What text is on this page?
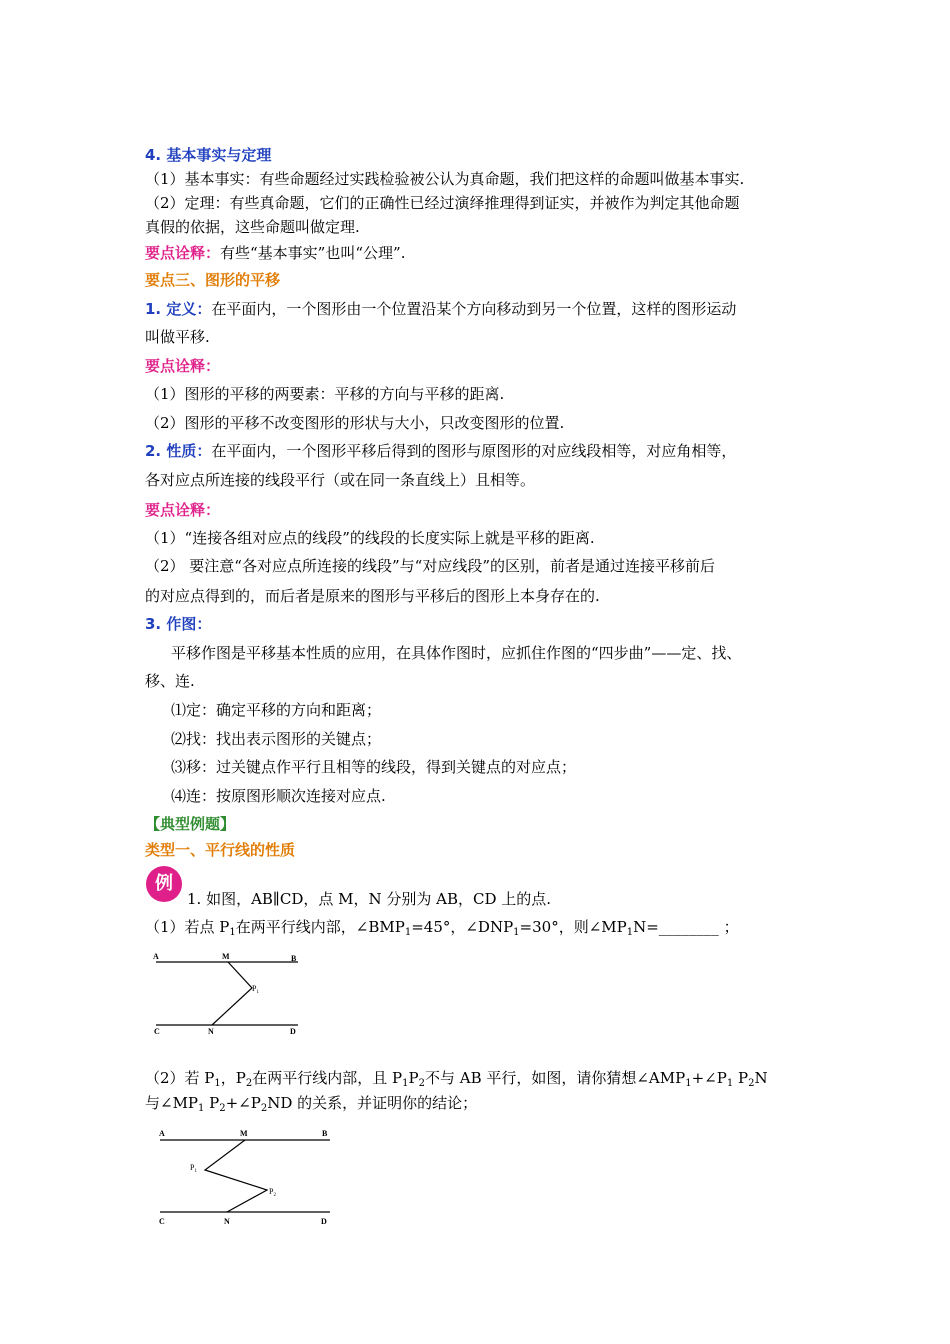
4. 基本事实与定理
（1）基本事实：有些命题经过实践检验被公认为真命题，我们把这样的命题叫做基本事实.
（2）定理：有些真命题，它们的正确性已经过演绎推理得到证实，并被作为判定其他命题
真假的依据，这些命题叫做定理.
要点诠释：有些“基本事实”也叫“公理”.
要点三、图形的平移
1. 定义：在平面内，一个图形由一个位置沿某个方向移动到另一个位置，这样的图形运动
叫做平移.
要点诠释：
（1）图形的平移的两要素：平移的方向与平移的距离.
（2）图形的平移不改变图形的形状与大小，只改变图形的位置.
2. 性质：在平面内，一个图形平移后得到的图形与原图形的对应线段相等，对应角相等，
各对应点所连接的线段平行（或在同一条直线上）且相等。
要点诠释：
（1）“连接各组对应点的线段”的线段的长度实际上就是平移的距离.
（2） 要注意“各对应点所连接的线段”与“对应线段”的区别，前者是通过连接平移前后
的对应点得到的，而后者是原来的图形与平移后的图形上本身存在的.
3. 作图：
平移作图是平移基本性质的应用，在具体作图时，应抓住作图的“四步曲”——定、找、
移、连.
⑴定：确定平移的方向和距离；
⑵找：找出表示图形的关键点；
⑶移：过关键点作平行且相等的线段，得到关键点的对应点；
⑷连：按原图形顺次连接对应点.
【典型例题】
类型一、平行线的性质
1. 如图，AB∥CD，点 M，N 分别为 AB，CD 上的点.
（1）若点 $P_1$在两平行线内部，$\angle BMP_1=45^\circ$，$\angle DNP_1=30^\circ$，则$\angle MP_1N=\_\_\_\_\_\_\_\_$ ；
（2）若 $P_1$，$P_2$在两平行线内部，且 $P_1P_2$不与 AB 平行，如图，请你猜想$\angle AMP_1+\angle P_1$ $P_2N$
与$\angle MP_1$ $P_2+\angle P_2ND$ 的关系，并证明你的结论；
例
A	M	B
$P_1$
C	N	D
A	M	B
$P_1$
$P_2$
C	N	D
